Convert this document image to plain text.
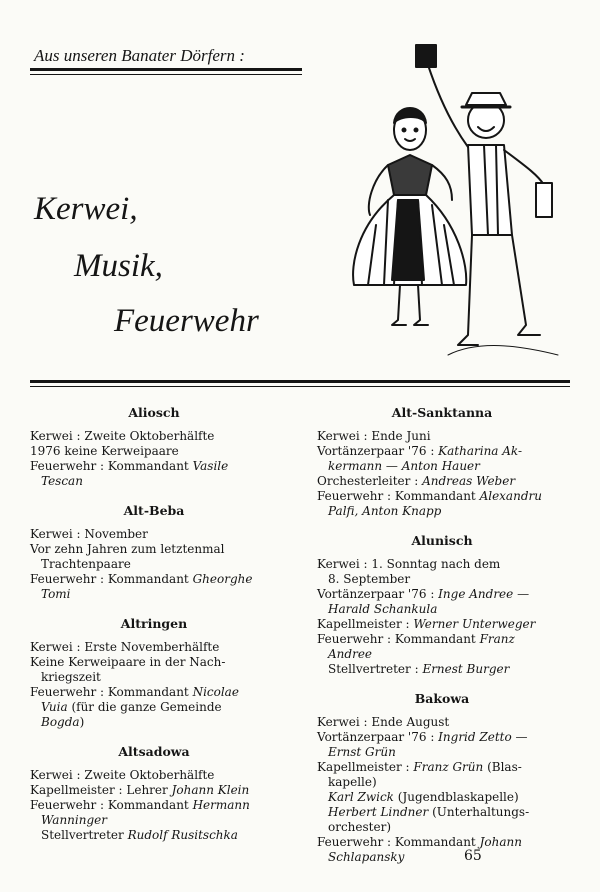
Aus unseren Banater Dörfern :
Kerwei,
Musik,
Feuerwehr
Aliosch
Kerwei : Zweite Oktoberhälfte
1976 keine Kerweipaare
Feuerwehr : Kommandant Vasile
Tescan
Alt-Beba
Kerwei : November
Vor zehn Jahren zum letztenmal
Trachtenpaare
Feuerwehr : Kommandant Gheorghe
Tomi
Altringen
Kerwei : Erste Novemberhälfte
Keine Kerweipaare in der Nach-
kriegszeit
Feuerwehr : Kommandant Nicolae
Vuia (für die ganze Gemeinde
Bogda)
Altsadowa
Kerwei : Zweite Oktoberhälfte
Kapellmeister : Lehrer Johann Klein
Feuerwehr : Kommandant Hermann
Wanninger
Stellvertreter Rudolf Rusitschka
Alt-Sanktanna
Kerwei : Ende Juni
Vortänzerpaar '76 : Katharina Ak-
kermann — Anton Hauer
Orchesterleiter : Andreas Weber
Feuerwehr : Kommandant Alexandru
Palfi, Anton Knapp
Alunisch
Kerwei : 1. Sonntag nach dem
8. September
Vortänzerpaar '76 : Inge Andree —
Harald Schankula
Kapellmeister : Werner Unterweger
Feuerwehr : Kommandant Franz
Andree
Stellvertreter : Ernest Burger
Bakowa
Kerwei : Ende August
Vortänzerpaar '76 : Ingrid Zetto —
Ernst Grün
Kapellmeister : Franz Grün (Blas-
kapelle)
Karl Zwick (Jugendblaskapelle)
Herbert Lindner (Unterhaltungs-
orchester)
Feuerwehr : Kommandant Johann
Schlapansky	65
